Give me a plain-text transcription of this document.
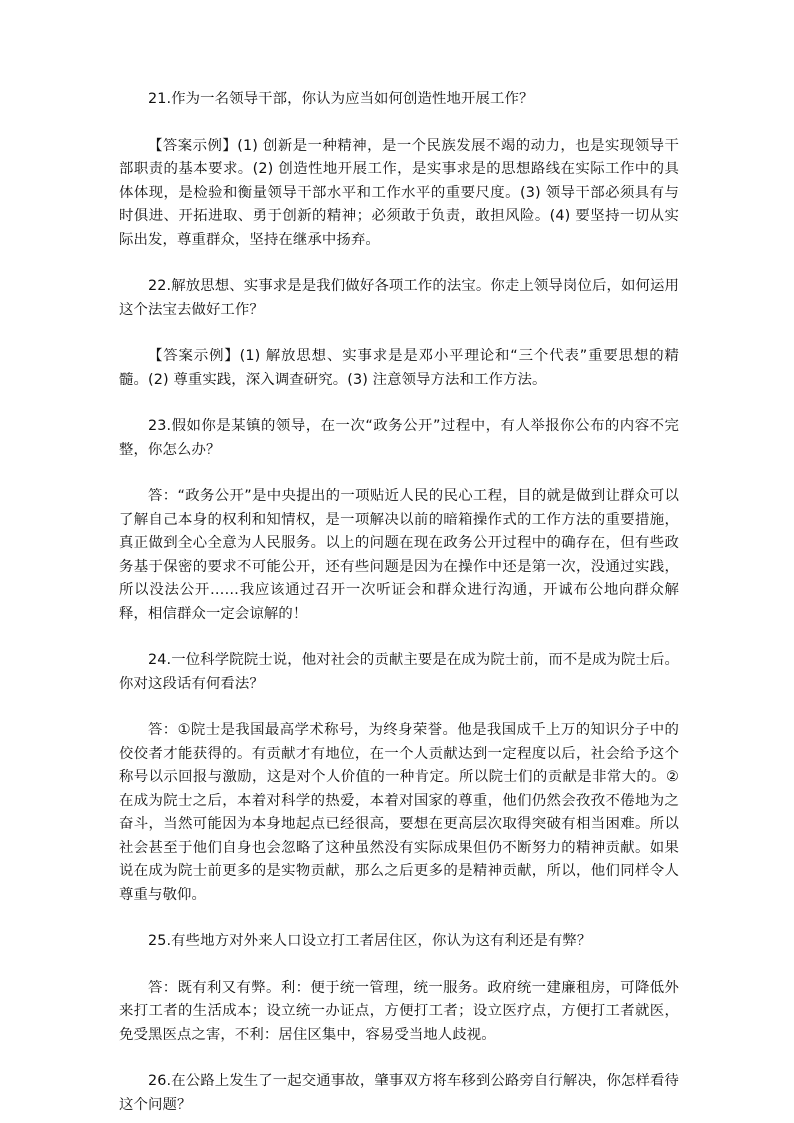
21.作为一名领导干部，你认为应当如何创造性地开展工作？

【答案示例】(1) 创新是一种精神，是一个民族发展不竭的动力，也是实现领导干部职责的基本要求。(2) 创造性地开展工作，是实事求是的思想路线在实际工作中的具体体现，是检验和衡量领导干部水平和工作水平的重要尺度。(3) 领导干部必须具有与时俱进、开拓进取、勇于创新的精神；必须敢于负责，敢担风险。(4) 要坚持一切从实际出发，尊重群众，坚持在继承中扬弃。

22.解放思想、实事求是是我们做好各项工作的法宝。你走上领导岗位后，如何运用这个法宝去做好工作？

【答案示例】(1) 解放思想、实事求是是邓小平理论和“三个代表”重要思想的精髓。(2) 尊重实践，深入调查研究。(3) 注意领导方法和工作方法。

23.假如你是某镇的领导，在一次“政务公开”过程中，有人举报你公布的内容不完整，你怎么办？

答：“政务公开”是中央提出的一项贴近人民的民心工程，目的就是做到让群众可以了解自己本身的权利和知情权，是一项解决以前的暗箱操作式的工作方法的重要措施，真正做到全心全意为人民服务。以上的问题在现在政务公开过程中的确存在，但有些政务基于保密的要求不可能公开，还有些问题是因为在操作中还是第一次，没通过实践，所以没法公开……我应该通过召开一次听证会和群众进行沟通，开诚布公地向群众解释，相信群众一定会谅解的！

24.一位科学院院士说，他对社会的贡献主要是在成为院士前，而不是成为院士后。你对这段话有何看法？

答：①院士是我国最高学术称号，为终身荣誉。他是我国成千上万的知识分子中的佼佼者才能获得的。有贡献才有地位，在一个人贡献达到一定程度以后，社会给予这个称号以示回报与激励，这是对个人价值的一种肯定。所以院士们的贡献是非常大的。②在成为院士之后，本着对科学的热爱，本着对国家的尊重，他们仍然会孜孜不倦地为之奋斗，当然可能因为本身地起点已经很高，要想在更高层次取得突破有相当困难。所以社会甚至于他们自身也会忽略了这种虽然没有实际成果但仍不断努力的精神贡献。如果说在成为院士前更多的是实物贡献，那么之后更多的是精神贡献，所以，他们同样令人尊重与敬仰。

25.有些地方对外来人口设立打工者居住区，你认为这有利还是有弊？

答：既有利又有弊。利：便于统一管理，统一服务。政府统一建廉租房，可降低外来打工者的生活成本；设立统一办证点，方便打工者；设立医疗点，方便打工者就医，免受黑医点之害，不利：居住区集中，容易受当地人歧视。

26.在公路上发生了一起交通事故，肇事双方将车移到公路旁自行解决，你怎样看待这个问题？
